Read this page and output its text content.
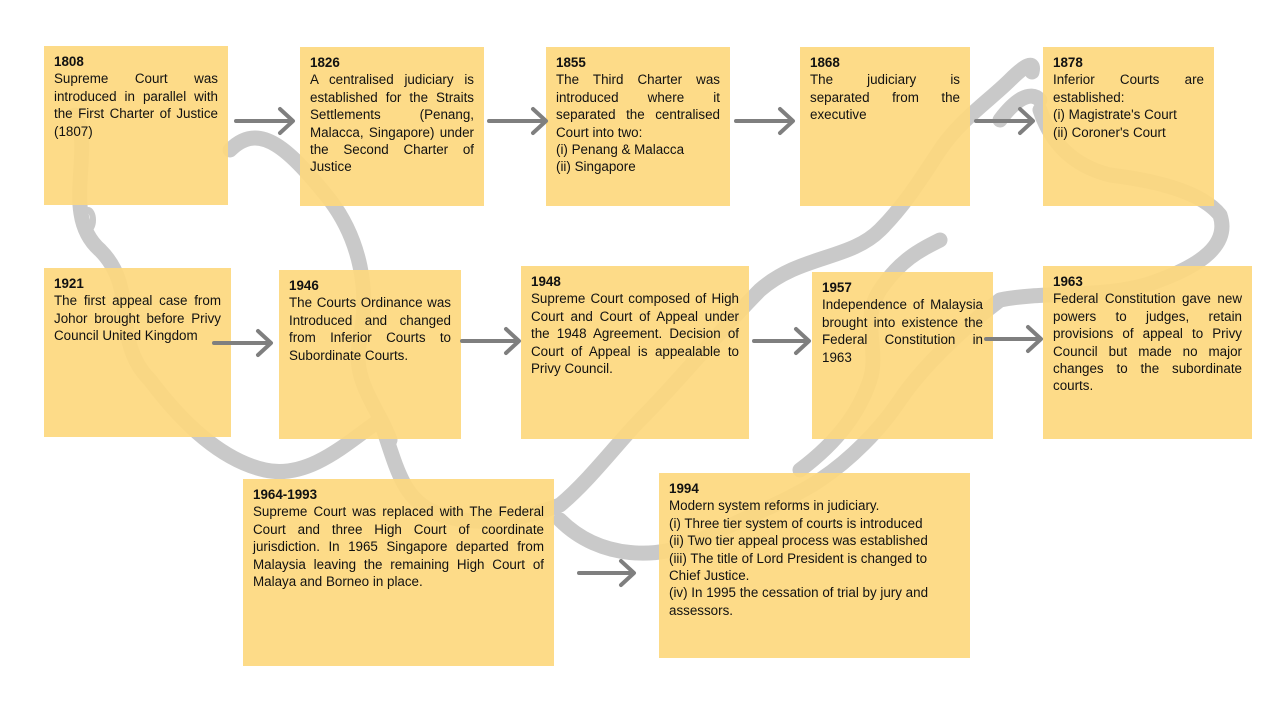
1808
Supreme Court was introduced in parallel with the First Charter of Justice (1807)
1826
A centralised judiciary is established for the Straits Settlements (Penang, Malacca, Singapore) under the Second Charter of Justice
1855
The Third Charter was introduced where it separated the centralised Court into two:
(i) Penang & Malacca
(ii) Singapore
1868
The judiciary is separated from the executive
1878
Inferior Courts are established:
(i) Magistrate's Court
(ii) Coroner's Court
1921
The first appeal case from Johor brought before Privy Council United Kingdom
1946
The Courts Ordinance was Introduced and changed from Inferior Courts to Subordinate Courts.
1948
Supreme Court composed of High Court and Court of Appeal under the 1948 Agreement. Decision of Court of Appeal is appealable to Privy Council.
1957
Independence of Malaysia brought into existence the Federal Constitution in 1963
1963
Federal Constitution gave new powers to judges, retain provisions of appeal to Privy Council but made no major changes to the subordinate courts.
1964-1993
Supreme Court was replaced with The Federal Court and three High Court of coordinate jurisdiction. In 1965 Singapore departed from Malaysia leaving the remaining High Court of Malaya and Borneo in place.
1994
Modern system reforms in judiciary.
(i) Three tier system of courts is introduced
(ii) Two tier appeal process was established
(iii) The title of Lord President is changed to Chief Justice.
(iv) In 1995 the cessation of trial by jury and assessors.
